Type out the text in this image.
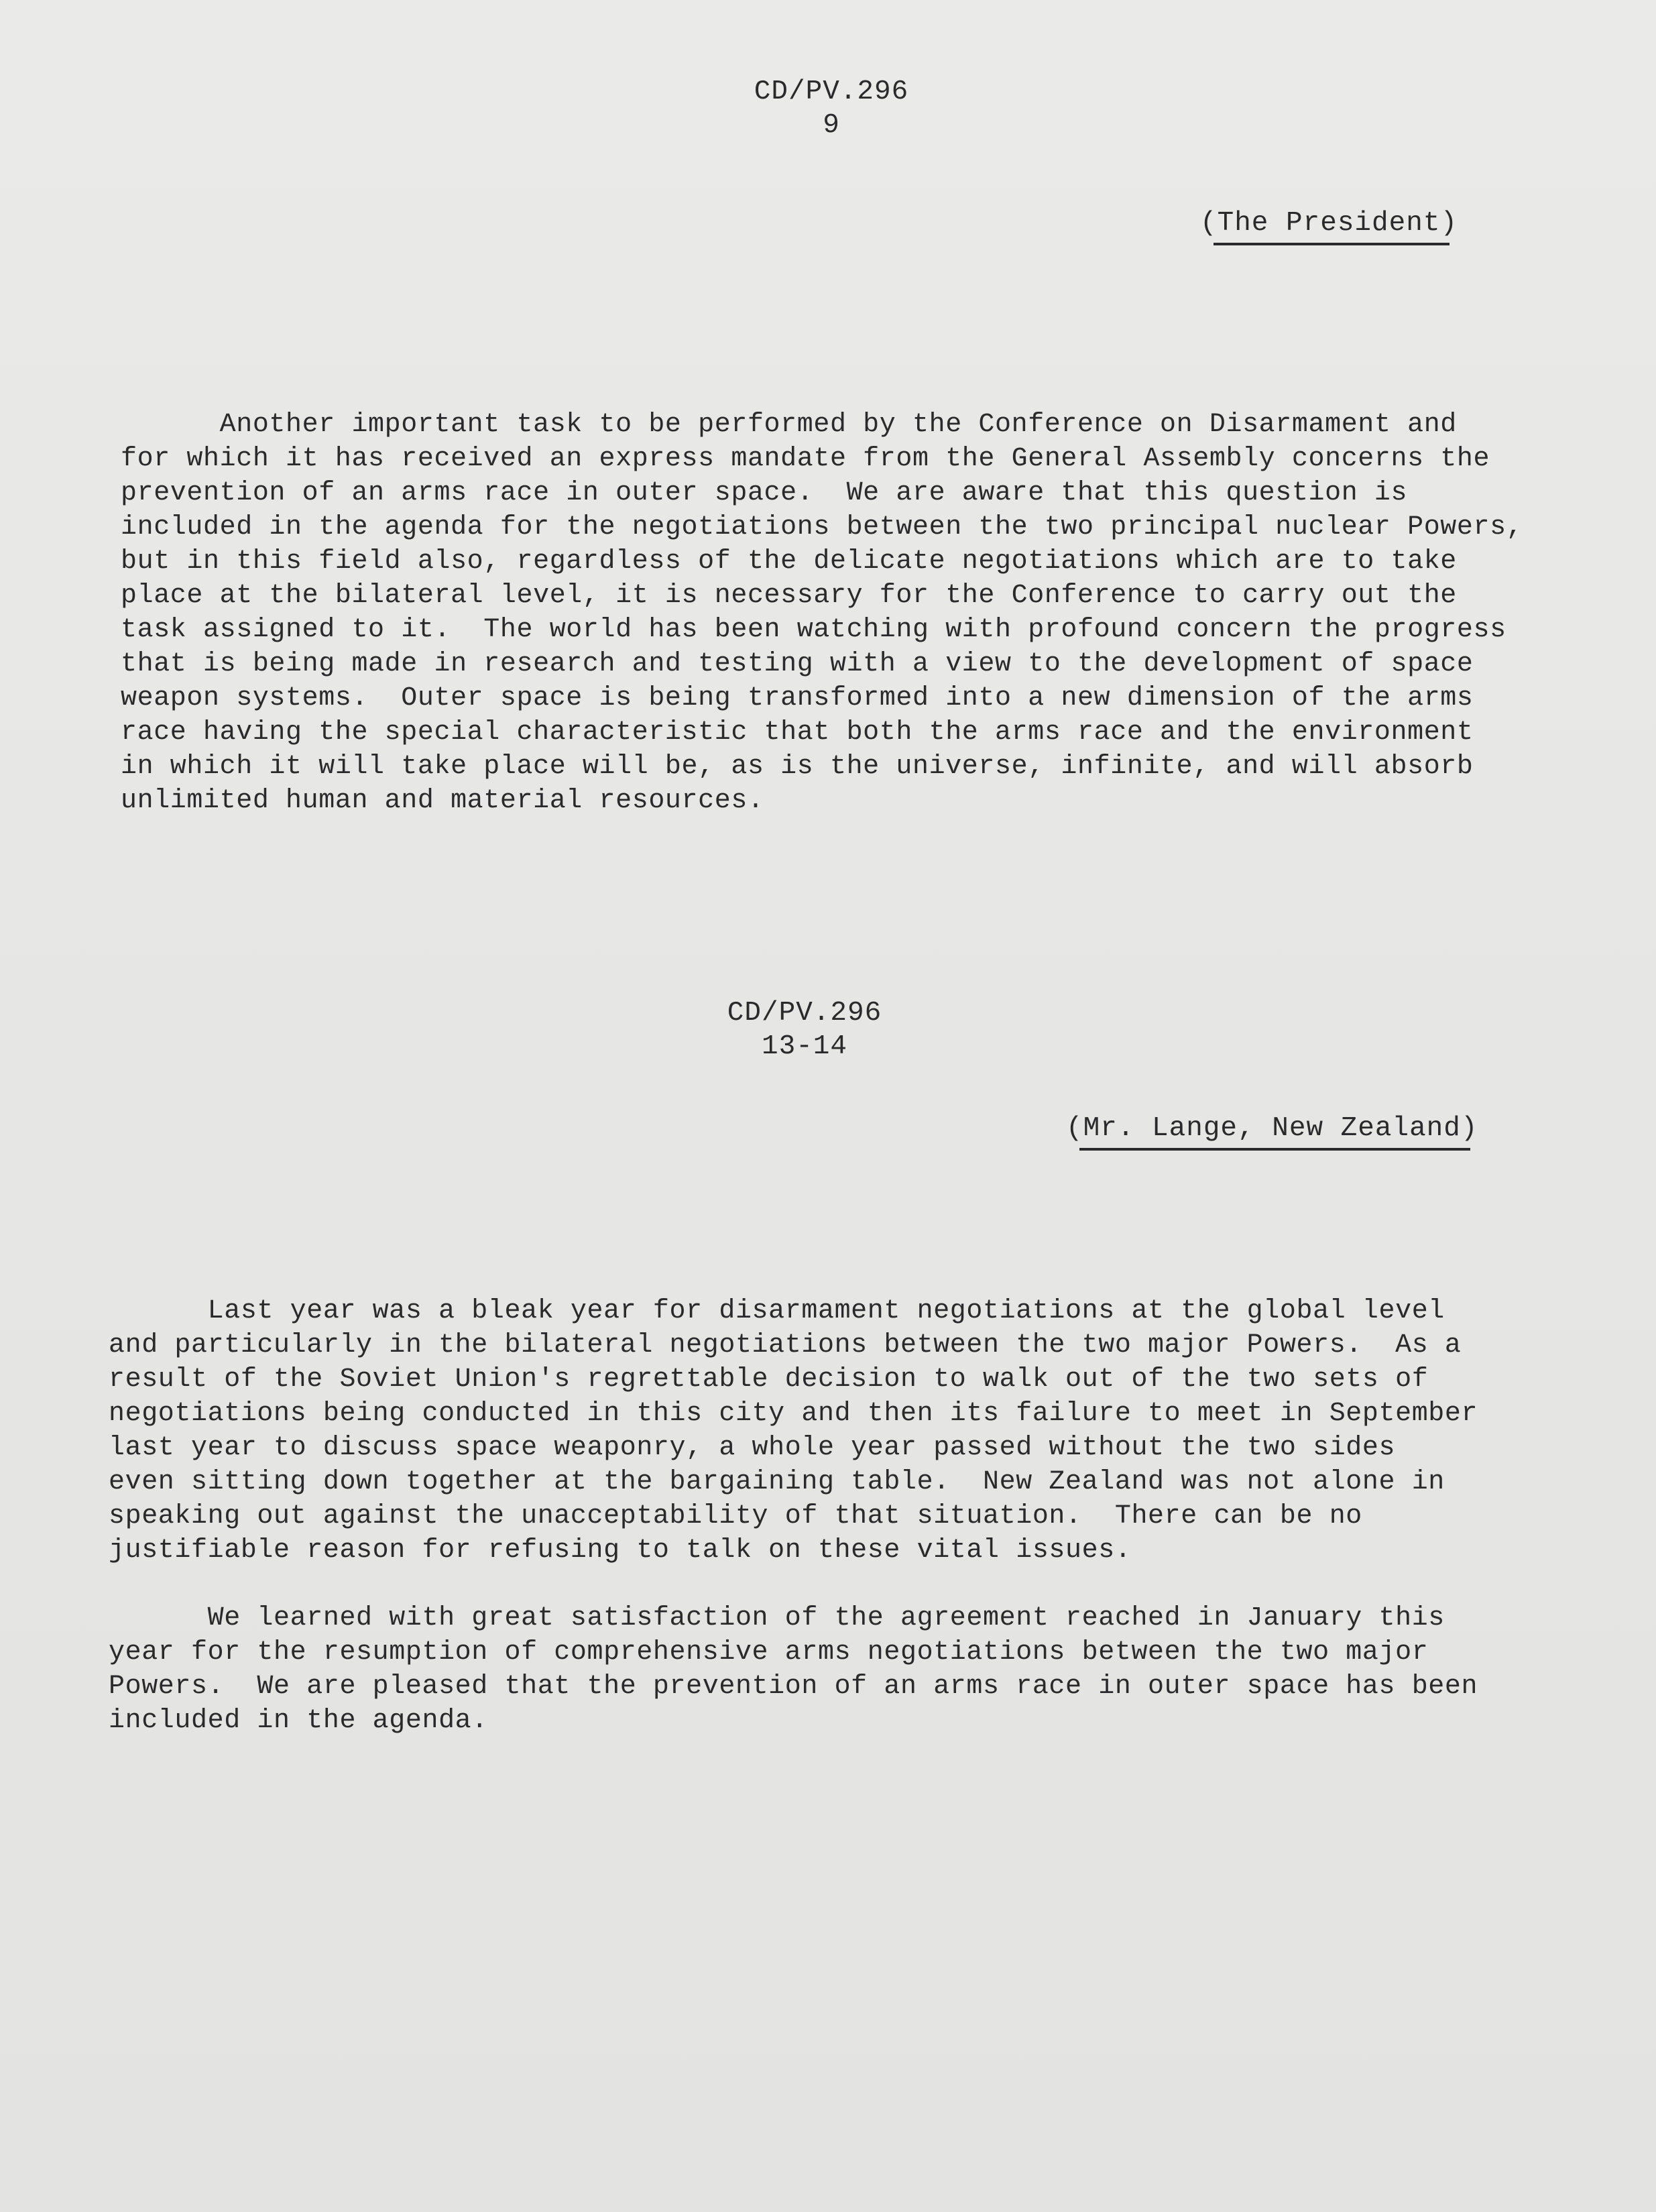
CD/PV.296
9
(The President)
Another important task to be performed by the Conference on Disarmament and
for which it has received an express mandate from the General Assembly concerns the
prevention of an arms race in outer space.  We are aware that this question is
included in the agenda for the negotiations between the two principal nuclear Powers,
but in this field also, regardless of the delicate negotiations which are to take
place at the bilateral level, it is necessary for the Conference to carry out the
task assigned to it.  The world has been watching with profound concern the progress
that is being made in research and testing with a view to the development of space
weapon systems.  Outer space is being transformed into a new dimension of the arms
race having the special characteristic that both the arms race and the environment
in which it will take place will be, as is the universe, infinite, and will absorb
unlimited human and material resources.
CD/PV.296
13-14
(Mr. Lange, New Zealand)
Last year was a bleak year for disarmament negotiations at the global level
and particularly in the bilateral negotiations between the two major Powers.  As a
result of the Soviet Union's regrettable decision to walk out of the two sets of
negotiations being conducted in this city and then its failure to meet in September
last year to discuss space weaponry, a whole year passed without the two sides
even sitting down together at the bargaining table.  New Zealand was not alone in
speaking out against the unacceptability of that situation.  There can be no
justifiable reason for refusing to talk on these vital issues.
We learned with great satisfaction of the agreement reached in January this
year for the resumption of comprehensive arms negotiations between the two major
Powers.  We are pleased that the prevention of an arms race in outer space has been
included in the agenda.
